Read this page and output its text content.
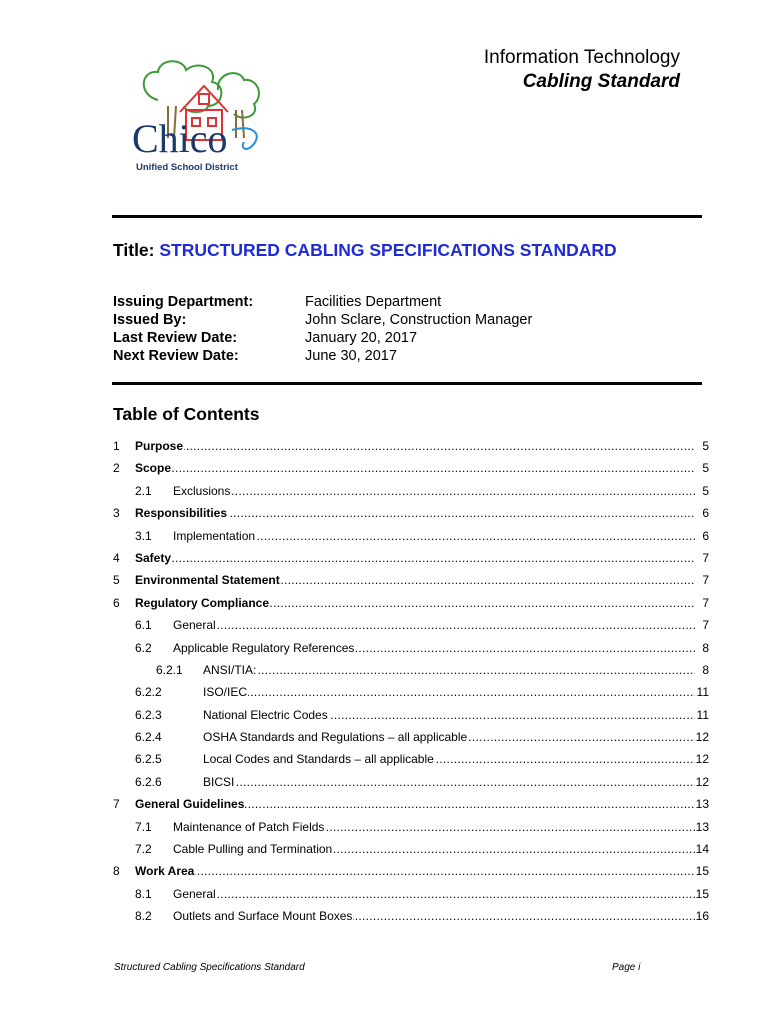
Chico
Unified School District
Information Technology
Cabling Standard
Title: STRUCTURED CABLING SPECIFICATIONS STANDARD
Issuing Department:	Facilities Department
Issued By:	John Sclare, Construction Manager
Last Review Date:	January 20, 2017
Next Review Date:	June 30, 2017
Table of Contents
1 ..... Purpose	5
2 ..... Scope	5
2.1 ..... Exclusions	5
3 ..... Responsibilities	6
3.1 ..... Implementation	6
4 ..... Safety	7
5 ..... Environmental Statement	7
6 ..... Regulatory Compliance	7
6.1 ..... General	7
6.2 ..... Applicable Regulatory References	8
6.2.1 ..... ANSI/TIA:	8
6.2.2 .....	ISO/IEC	11
6.2.3 .....	National Electric Codes	11
6.2.4 .....	OSHA Standards and Regulations – all applicable	12
6.2.5 .....	Local Codes and Standards – all applicable	12
6.2.6 .....	BICSI	12
7 ..... General Guidelines	13
7.1 ..... Maintenance of Patch Fields	13
7.2 ..... Cable Pulling and Termination	14
8 ..... Work Area	15
8.1 ..... General	15
8.2 ..... Outlets and Surface Mount Boxes	16
Structured Cabling Specifications Standard	Page i
